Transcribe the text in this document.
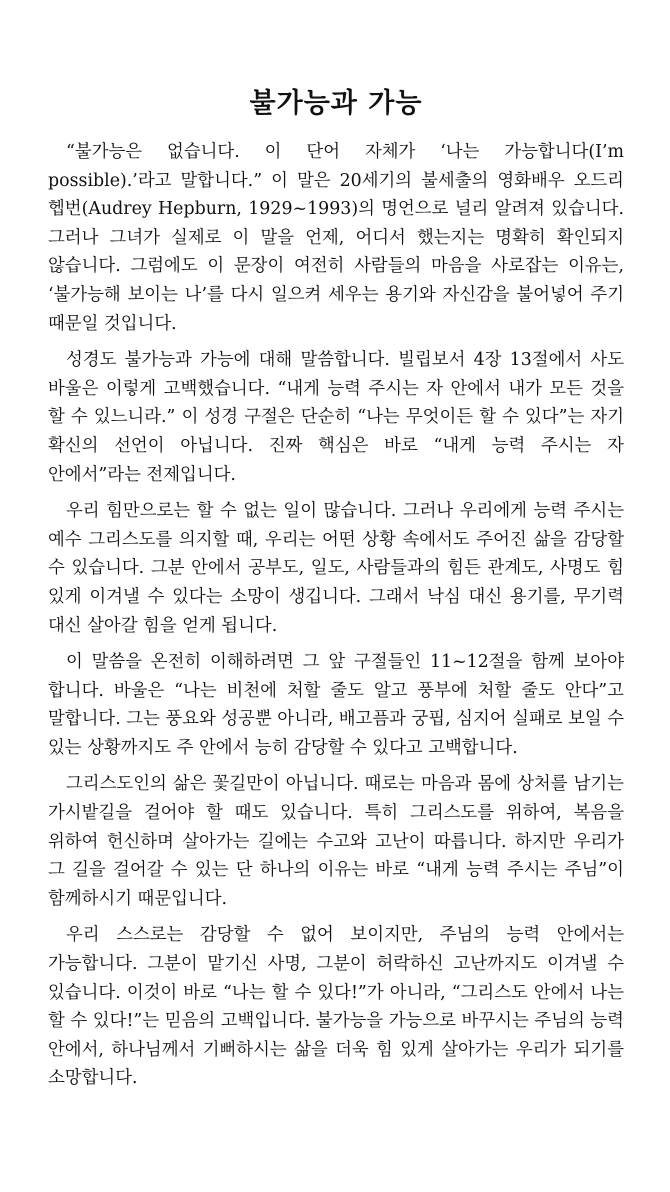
불가능과 가능

“불가능은 없습니다. 이 단어 자체가 ‘나는 가능합니다(I’m possible).’라고 말합니다.” 이 말은 20세기의 불세출의 영화배우 오드리 헵번(Audrey Hepburn, 1929~1993)의 명언으로 널리 알려져 있습니다. 그러나 그녀가 실제로 이 말을 언제, 어디서 했는지는 명확히 확인되지 않습니다. 그럼에도 이 문장이 여전히 사람들의 마음을 사로잡는 이유는, ‘불가능해 보이는 나’를 다시 일으켜 세우는 용기와 자신감을 불어넣어 주기 때문일 것입니다.

성경도 불가능과 가능에 대해 말씀합니다. 빌립보서 4장 13절에서 사도 바울은 이렇게 고백했습니다. “내게 능력 주시는 자 안에서 내가 모든 것을 할 수 있느니라.” 이 성경 구절은 단순히 “나는 무엇이든 할 수 있다”는 자기 확신의 선언이 아닙니다. 진짜 핵심은 바로 “내게 능력 주시는 자 안에서”라는 전제입니다.

우리 힘만으로는 할 수 없는 일이 많습니다. 그러나 우리에게 능력 주시는 예수 그리스도를 의지할 때, 우리는 어떤 상황 속에서도 주어진 삶을 감당할 수 있습니다. 그분 안에서 공부도, 일도, 사람들과의 힘든 관계도, 사명도 힘 있게 이겨낼 수 있다는 소망이 생깁니다. 그래서 낙심 대신 용기를, 무기력 대신 살아갈 힘을 얻게 됩니다.

이 말씀을 온전히 이해하려면 그 앞 구절들인 11~12절을 함께 보아야 합니다. 바울은 “나는 비천에 처할 줄도 알고 풍부에 처할 줄도 안다”고 말합니다. 그는 풍요와 성공뿐 아니라, 배고픔과 궁핍, 심지어 실패로 보일 수 있는 상황까지도 주 안에서 능히 감당할 수 있다고 고백합니다.

그리스도인의 삶은 꽃길만이 아닙니다. 때로는 마음과 몸에 상처를 남기는 가시밭길을 걸어야 할 때도 있습니다. 특히 그리스도를 위하여, 복음을 위하여 헌신하며 살아가는 길에는 수고와 고난이 따릅니다. 하지만 우리가 그 길을 걸어갈 수 있는 단 하나의 이유는 바로 “내게 능력 주시는 주님”이 함께하시기 때문입니다.

우리 스스로는 감당할 수 없어 보이지만, 주님의 능력 안에서는 가능합니다. 그분이 맡기신 사명, 그분이 허락하신 고난까지도 이겨낼 수 있습니다. 이것이 바로 “나는 할 수 있다!”가 아니라, “그리스도 안에서 나는 할 수 있다!”는 믿음의 고백입니다. 불가능을 가능으로 바꾸시는 주님의 능력 안에서, 하나님께서 기뻐하시는 삶을 더욱 힘 있게 살아가는 우리가 되기를 소망합니다.
